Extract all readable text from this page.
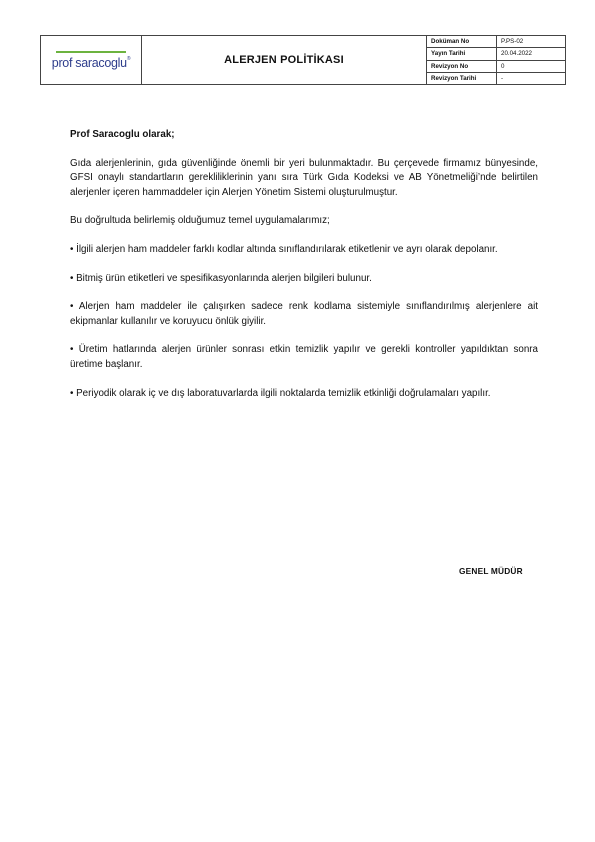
prof saracoglu®	ALERJEN POLİTİKASI
Doküman No	P.PS-02
Yayın Tarihi	20.04.2022
Revizyon No	0
Revizyon Tarihi	-

Prof Saracoglu olarak;

Gıda alerjenlerinin, gıda güvenliğinde önemli bir yeri bulunmaktadır. Bu çerçevede firmamız bünyesinde, GFSI onaylı standartların gerekliliklerinin yanı sıra Türk Gıda Kodeksi ve AB Yönetmeliği’nde belirtilen alerjenler içeren hammaddeler için Alerjen Yönetim Sistemi oluşturulmuştur.

Bu doğrultuda belirlemiş olduğumuz temel uygulamalarımız;

• İlgili alerjen ham maddeler farklı kodlar altında sınıflandırılarak etiketlenir ve ayrı olarak depolanır.

• Bitmiş ürün etiketleri ve spesifikasyonlarında alerjen bilgileri bulunur.

• Alerjen ham maddeler ile çalışırken sadece renk kodlama sistemiyle sınıflandırılmış alerjenlere ait ekipmanlar kullanılır ve koruyucu önlük giyilir.

• Üretim hatlarında alerjen ürünler sonrası etkin temizlik yapılır ve gerekli kontroller yapıldıktan sonra üretime başlanır.

• Periyodik olarak iç ve dış laboratuvarlarda ilgili noktalarda temizlik etkinliği doğrulamaları yapılır.

GENEL MÜDÜR
